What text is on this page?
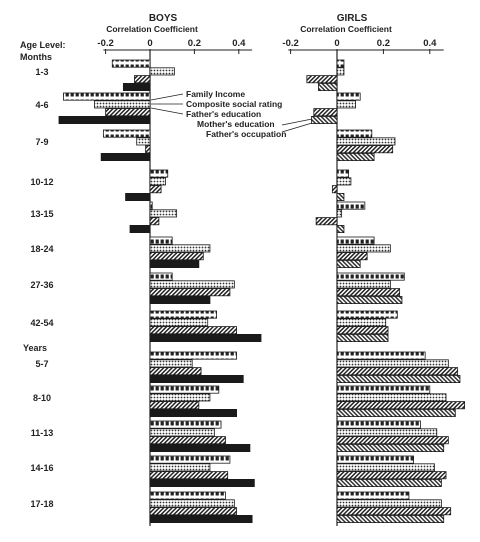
BOYS
Correlation Coefficient
GIRLS
Correlation Coefficient
Age Level:
Months
Years
Family Income
Composite social rating
Father's education
Mother's education
Father's occupation
-0.2	0	0.2	0.4	-0.2	0	0.2	0.4
1-3
4-6
7-9
10-12
13-15
18-24
27-36
42-54
5-7
8-10
11-13
14-16
17-18
